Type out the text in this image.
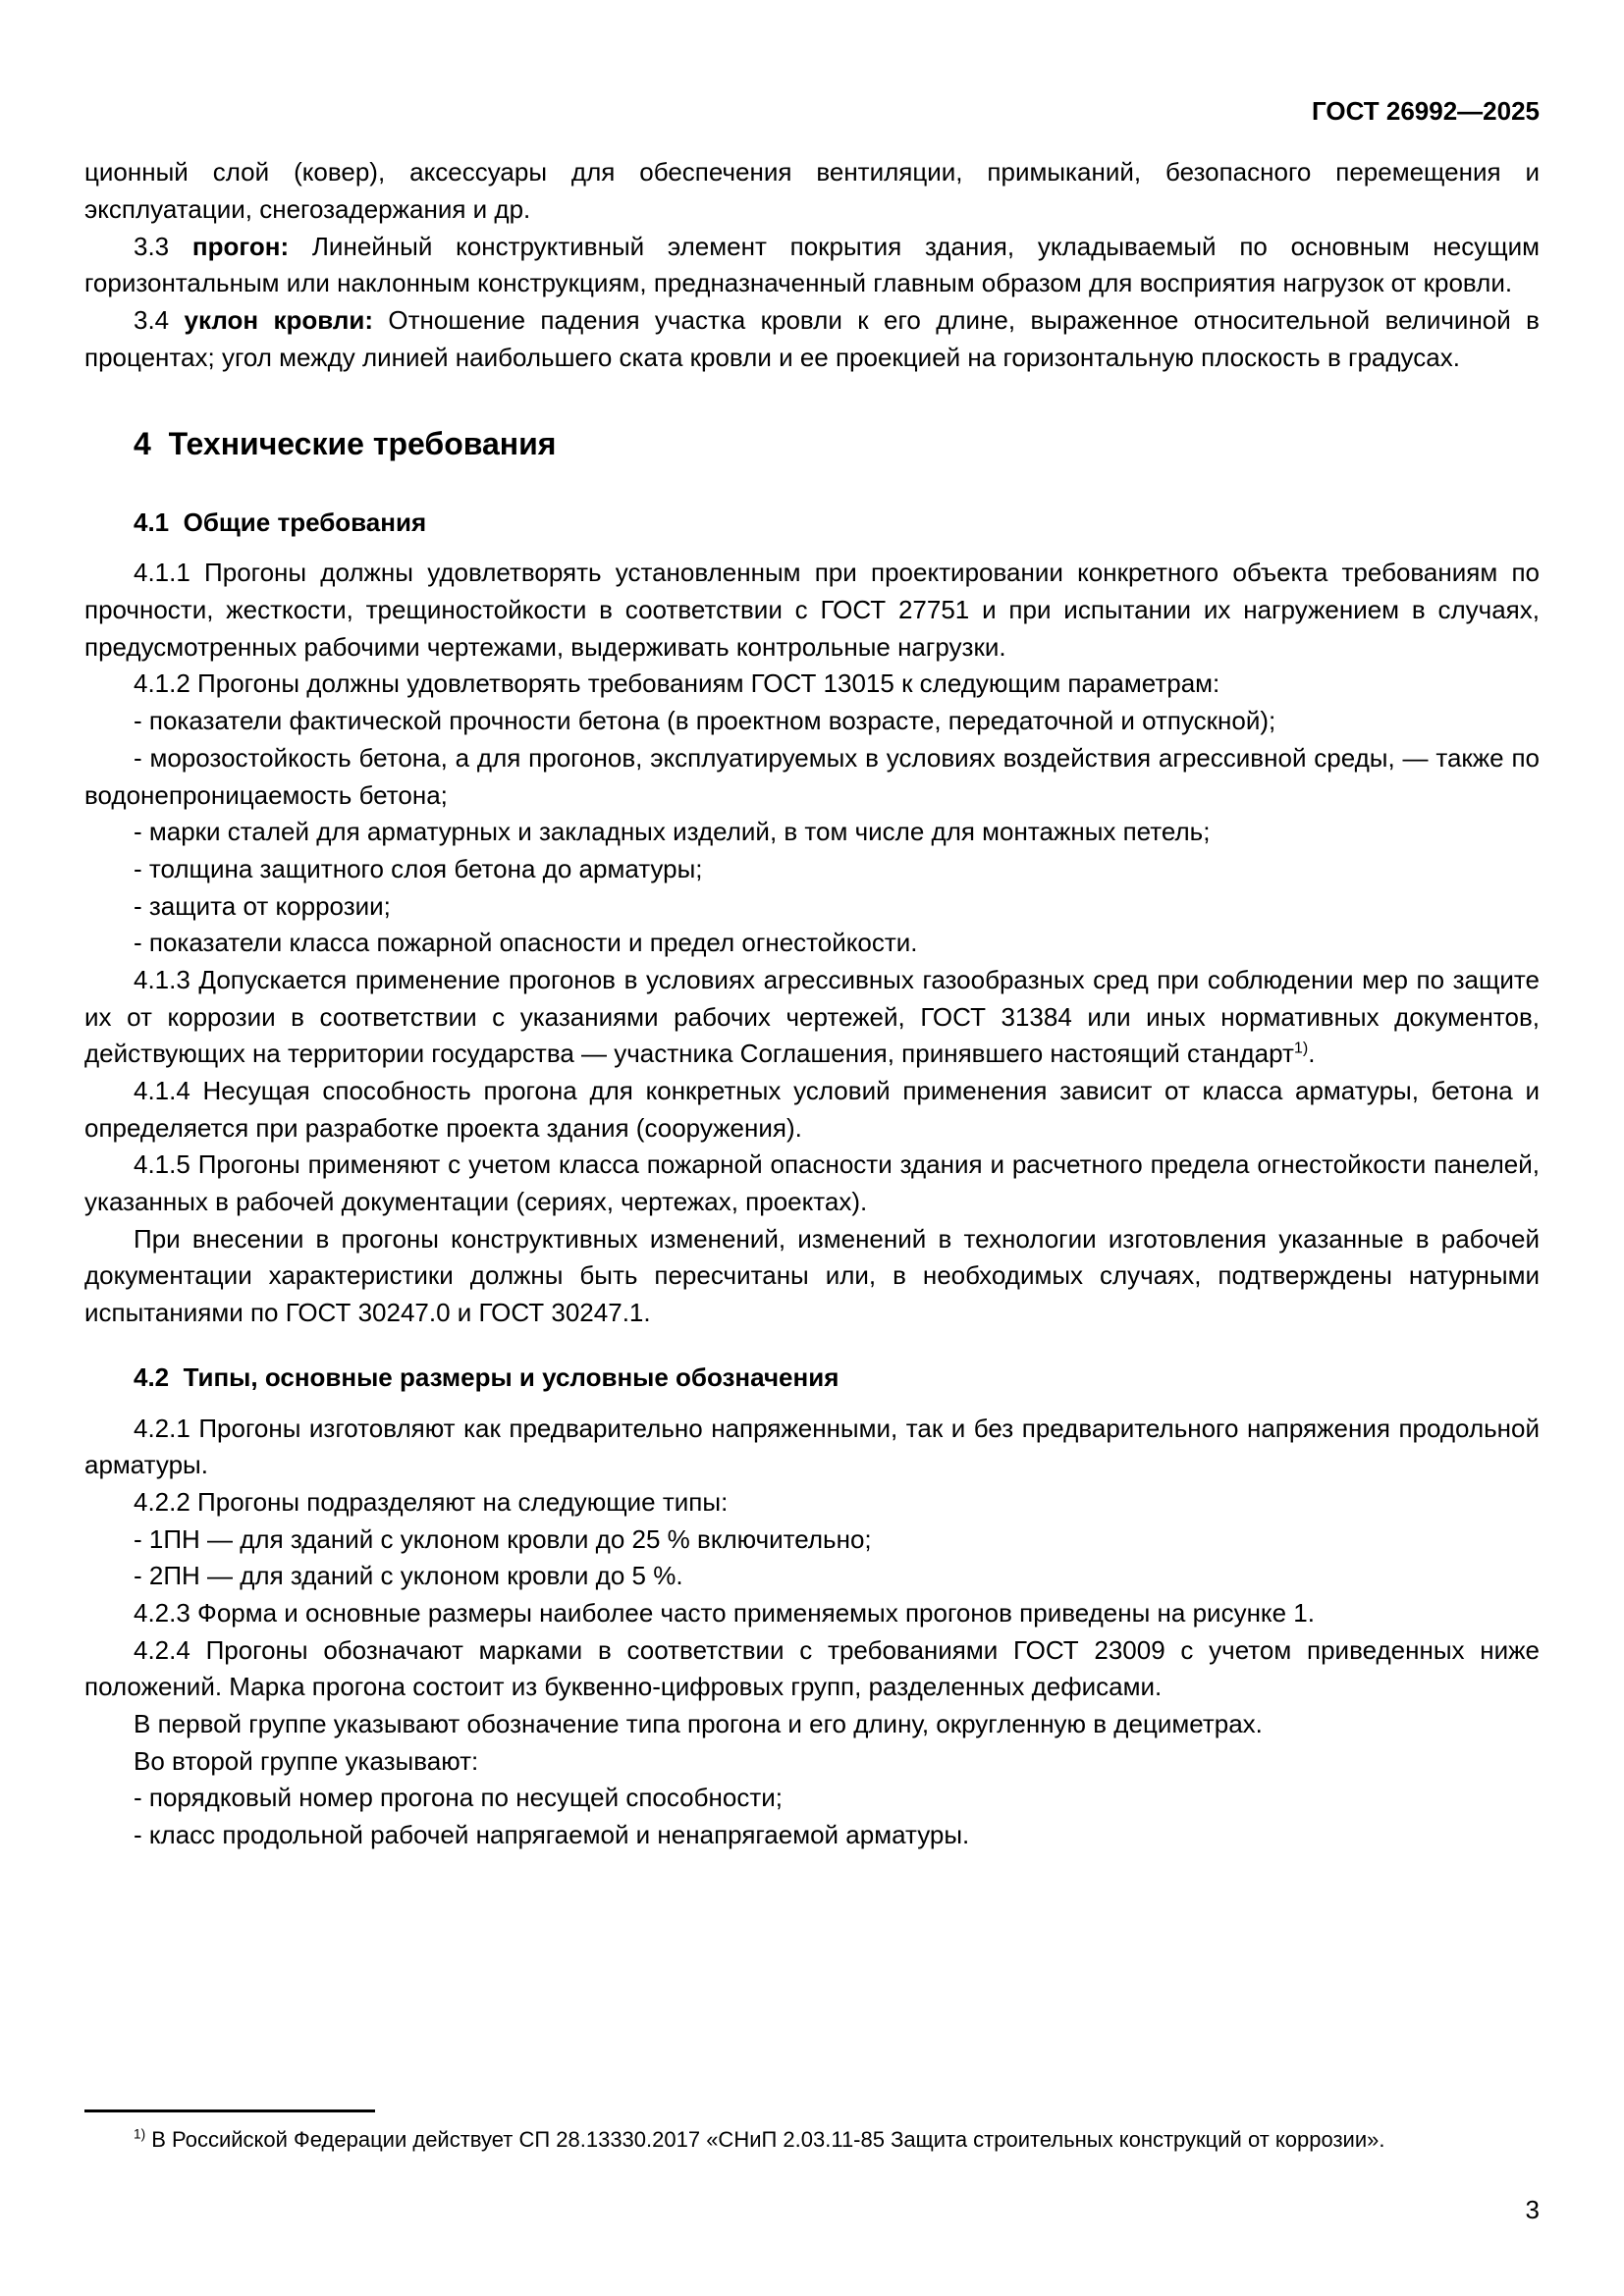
ГОСТ 26992—2025

ционный слой (ковер), аксессуары для обеспечения вентиляции, примыканий, безопасного перемещения и эксплуатации, снегозадержания и др.

3.3 прогон: Линейный конструктивный элемент покрытия здания, укладываемый по основным несущим горизонтальным или наклонным конструкциям, предназначенный главным образом для восприятия нагрузок от кровли.

3.4 уклон кровли: Отношение падения участка кровли к его длине, выраженное относительной величиной в процентах; угол между линией наибольшего ската кровли и ее проекцией на горизонтальную плоскость в градусах.

4  Технические требования
4.1  Общие требования

4.1.1 Прогоны должны удовлетворять установленным при проектировании конкретного объекта требованиям по прочности, жесткости, трещиностойкости в соответствии с ГОСТ 27751 и при испытании их нагружением в случаях, предусмотренных рабочими чертежами, выдерживать контрольные нагрузки.

4.1.2 Прогоны должны удовлетворять требованиям ГОСТ 13015 к следующим параметрам:

- показатели фактической прочности бетона (в проектном возрасте, передаточной и отпускной);

- морозостойкость бетона, а для прогонов, эксплуатируемых в условиях воздействия агрессивной среды, — также по водонепроницаемость бетона;

- марки сталей для арматурных и закладных изделий, в том числе для монтажных петель;

- толщина защитного слоя бетона до арматуры;

- защита от коррозии;

- показатели класса пожарной опасности и предел огнестойкости.

4.1.3 Допускается применение прогонов в условиях агрессивных газообразных сред при соблюдении мер по защите их от коррозии в соответствии с указаниями рабочих чертежей, ГОСТ 31384 или иных нормативных документов, действующих на территории государства — участника Соглашения, принявшего настоящий стандарт$^{1)}$.

4.1.4 Несущая способность прогона для конкретных условий применения зависит от класса арматуры, бетона и определяется при разработке проекта здания (сооружения).

4.1.5 Прогоны применяют с учетом класса пожарной опасности здания и расчетного предела огнестойкости панелей, указанных в рабочей документации (сериях, чертежах, проектах).

При внесении в прогоны конструктивных изменений, изменений в технологии изготовления указанные в рабочей документации характеристики должны быть пересчитаны или, в необходимых случаях, подтверждены натурными испытаниями по ГОСТ 30247.0 и ГОСТ 30247.1.

4.2  Типы, основные размеры и условные обозначения

4.2.1 Прогоны изготовляют как предварительно напряженными, так и без предварительного напряжения продольной арматуры.

4.2.2 Прогоны подразделяют на следующие типы:

- 1ПН — для зданий с уклоном кровли до 25 % включительно;

- 2ПН — для зданий с уклоном кровли до 5 %.

4.2.3 Форма и основные размеры наиболее часто применяемых прогонов приведены на рисунке 1.

4.2.4 Прогоны обозначают марками в соответствии с требованиями ГОСТ 23009 с учетом приведенных ниже положений. Марка прогона состоит из буквенно-цифровых групп, разделенных дефисами.

В первой группе указывают обозначение типа прогона и его длину, округленную в дециметрах.

Во второй группе указывают:

- порядковый номер прогона по несущей способности;

- класс продольной рабочей напрягаемой и ненапрягаемой арматуры.

$^{1)}$ В Российской Федерации действует СП 28.13330.2017 «СНиП 2.03.11-85 Защита строительных конструкций от коррозии».

3
